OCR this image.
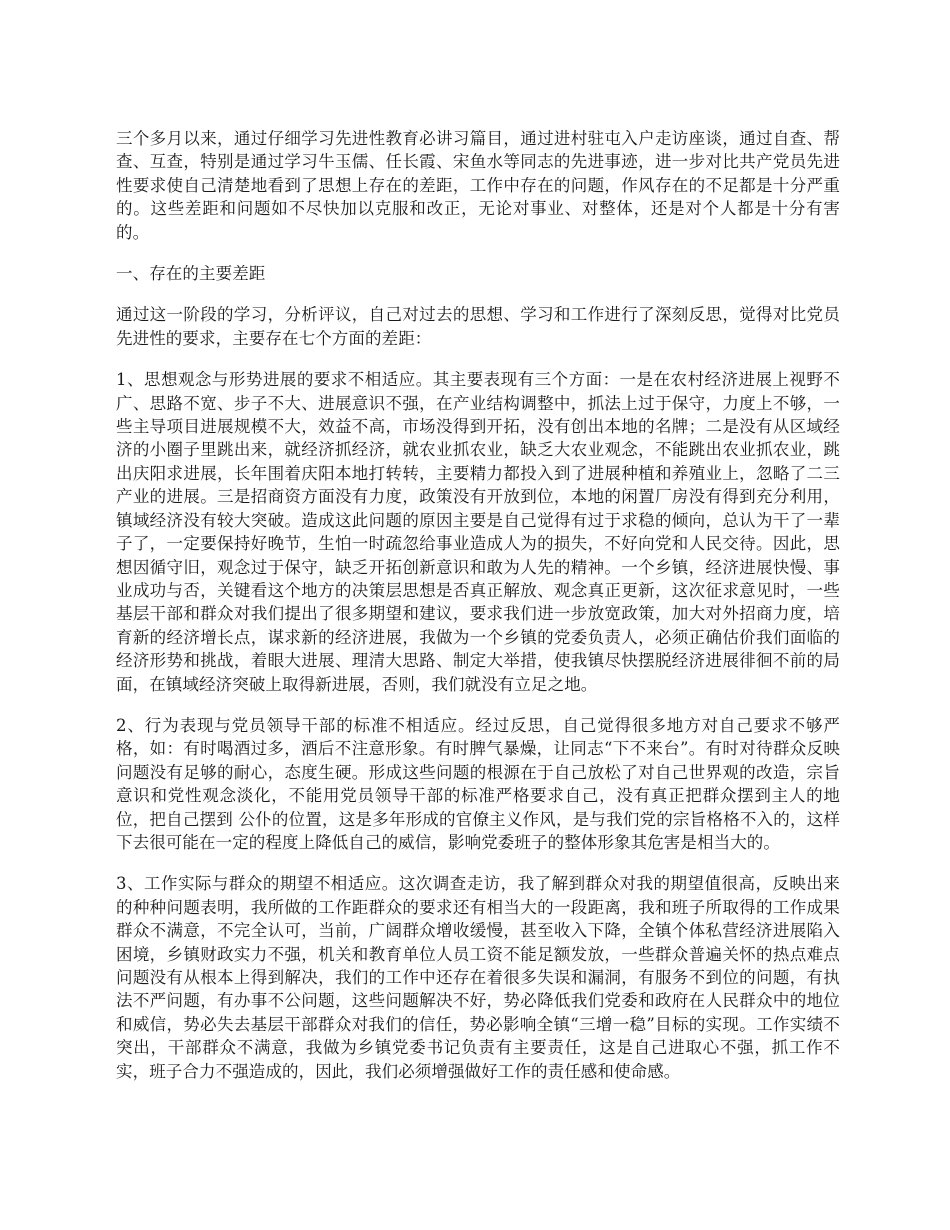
三个多月以来，通过仔细学习先进性教育必讲习篇目，通过进村驻屯入户走访座谈，通过自查、帮查、互查，特别是通过学习牛玉儒、任长霞、宋鱼水等同志的先进事迹，进一步对比共产党员先进性要求使自己清楚地看到了思想上存在的差距，工作中存在的问题，作风存在的不足都是十分严重的。这些差距和问题如不尽快加以克服和改正，无论对事业、对整体，还是对个人都是十分有害的。

一、存在的主要差距

通过这一阶段的学习，分析评议，自己对过去的思想、学习和工作进行了深刻反思，觉得对比党员先进性的要求，主要存在七个方面的差距：

1、思想观念与形势进展的要求不相适应。其主要表现有三个方面：一是在农村经济进展上视野不广、思路不宽、步子不大、进展意识不强，在产业结构调整中，抓法上过于保守，力度上不够，一些主导项目进展规模不大，效益不高，市场没得到开拓，没有创出本地的名牌；二是没有从区域经济的小圈子里跳出来，就经济抓经济，就农业抓农业，缺乏大农业观念，不能跳出农业抓农业，跳出庆阳求进展，长年围着庆阳本地打转转，主要精力都投入到了进展种植和养殖业上，忽略了二三产业的进展。三是招商资方面没有力度，政策没有开放到位，本地的闲置厂房没有得到充分利用，镇域经济没有较大突破。造成这此问题的原因主要是自己觉得有过于求稳的倾向，总认为干了一辈子了，一定要保持好晚节，生怕一时疏忽给事业造成人为的损失，不好向党和人民交待。因此，思想因循守旧，观念过于保守，缺乏开拓创新意识和敢为人先的精神。一个乡镇，经济进展快慢、事业成功与否，关键看这个地方的决策层思想是否真正解放、观念真正更新，这次征求意见时，一些基层干部和群众对我们提出了很多期望和建议，要求我们进一步放宽政策，加大对外招商力度，培育新的经济增长点，谋求新的经济进展，我做为一个乡镇的党委负责人，必须正确估价我们面临的经济形势和挑战，着眼大进展、理清大思路、制定大举措，使我镇尽快摆脱经济进展徘徊不前的局面，在镇域经济突破上取得新进展，否则，我们就没有立足之地。

2、行为表现与党员领导干部的标准不相适应。经过反思，自己觉得很多地方对自己要求不够严格，如：有时喝酒过多，酒后不注意形象。有时脾气暴燥，让同志“下不来台”。有时对待群众反映问题没有足够的耐心，态度生硬。形成这些问题的根源在于自己放松了对自己世界观的改造，宗旨意识和党性观念淡化，不能用党员领导干部的标准严格要求自己，没有真正把群众摆到主人的地位，把自己摆到 公仆的位置，这是多年形成的官僚主义作风，是与我们党的宗旨格格不入的，这样下去很可能在一定的程度上降低自己的威信，影响党委班子的整体形象其危害是相当大的。

3、工作实际与群众的期望不相适应。这次调查走访，我了解到群众对我的期望值很高，反映出来的种种问题表明，我所做的工作距群众的要求还有相当大的一段距离，我和班子所取得的工作成果群众不满意，不完全认可，当前，广阔群众增收缓慢，甚至收入下降，全镇个体私营经济进展陷入困境，乡镇财政实力不强，机关和教育单位人员工资不能足额发放，一些群众普遍关怀的热点难点问题没有从根本上得到解决，我们的工作中还存在着很多失误和漏洞，有服务不到位的问题，有执法不严问题，有办事不公问题，这些问题解决不好，势必降低我们党委和政府在人民群众中的地位和威信，势必失去基层干部群众对我们的信任，势必影响全镇“三增一稳”目标的实现。工作实绩不突出，干部群众不满意，我做为乡镇党委书记负责有主要责任，这是自己进取心不强，抓工作不实，班子合力不强造成的，因此，我们必须增强做好工作的责任感和使命感。
